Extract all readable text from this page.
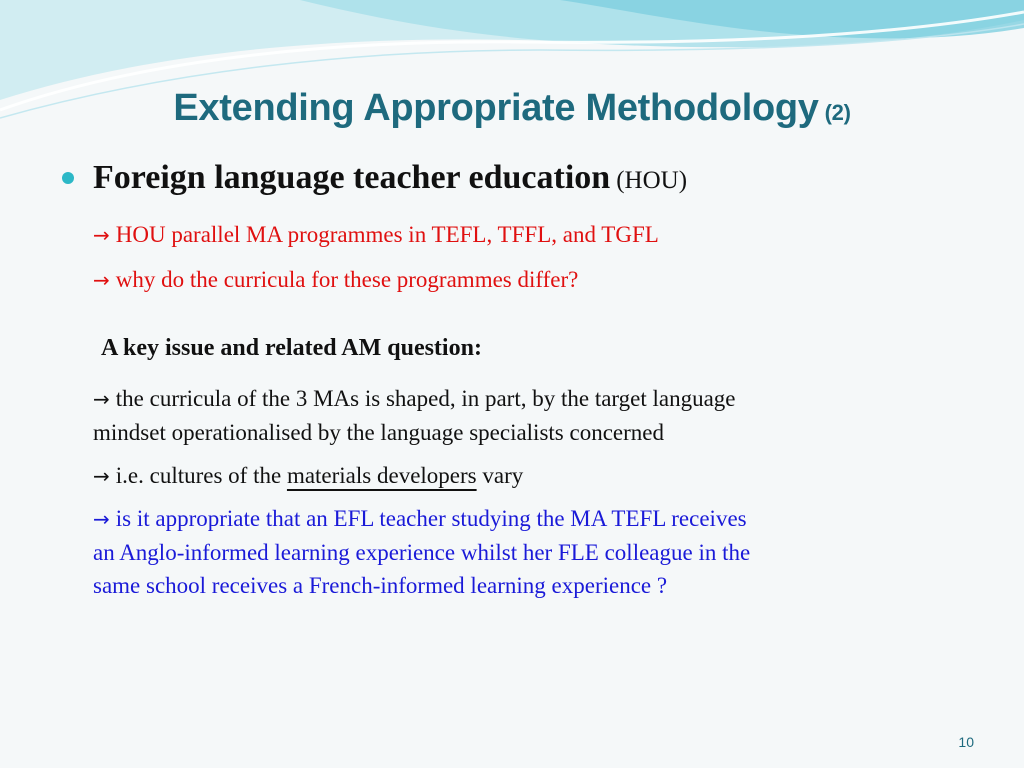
Extending Appropriate Methodology (2)
Foreign language teacher education (HOU)
→ HOU parallel MA programmes in TEFL, TFFL, and TGFL
→ why do the curricula for these programmes differ?
A key issue and related AM question:
→ the curricula of the 3 MAs is shaped, in part, by the target language
mindset operationalised by the language specialists concerned
→ i.e. cultures of the materials developers vary
→ is it appropriate that an EFL teacher studying the MA TEFL receives
an Anglo-informed learning experience whilst her FLE colleague in the
same school receives a French-informed learning experience ?
10
